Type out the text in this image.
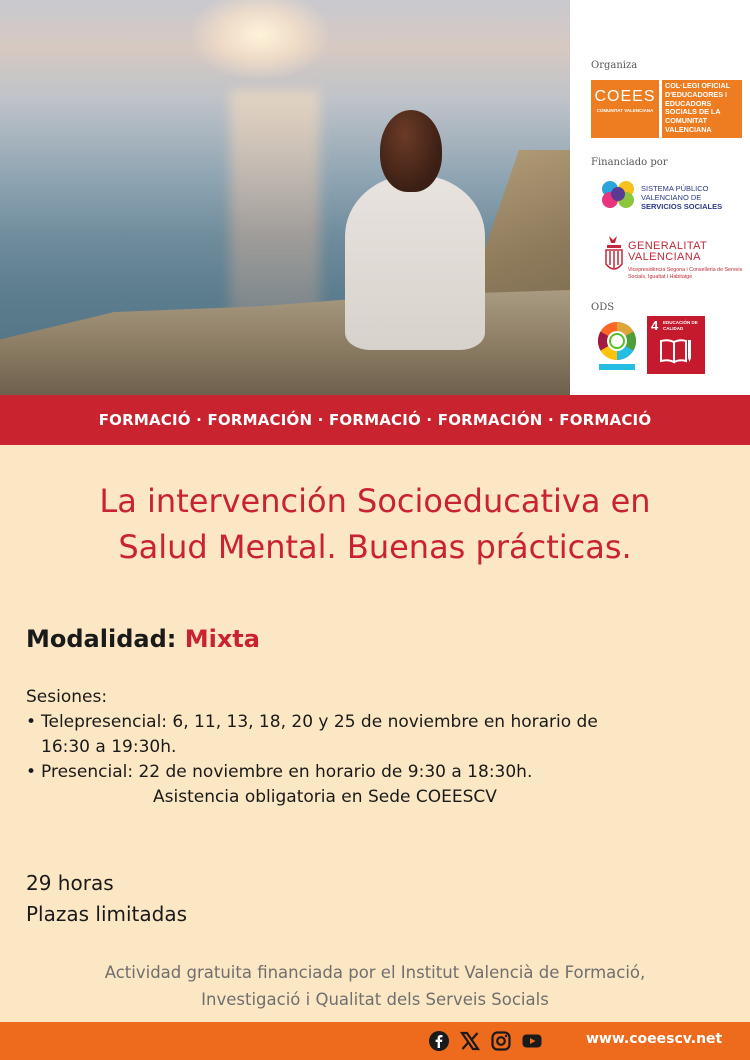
Organiza
COEES
COMUNITAT VALENCIANA
COL·LEGI OFICIAL D'EDUCADORES I EDUCADORS SOCIALS DE LA COMUNITAT VALENCIANA
Financiado por
SISTEMA PÚBLICO
VALENCIANO DE
SERVICIOS SOCIALES
GENERALITAT
VALENCIANA
Vicepresidència Segona i Conselleria de Serveis Socials, Igualtat i Habitatge
ODS
4 EDUCACIÓN DE CALIDAD
FORMACIÓ · FORMACIÓN · FORMACIÓ · FORMACIÓN · FORMACIÓ
La intervención Socioeducativa en
Salud Mental. Buenas prácticas.
Modalidad: Mixta
Sesiones:
• Telepresencial: 6, 11, 13, 18, 20 y 25 de noviembre en horario de
16:30 a 19:30h.
• Presencial: 22 de noviembre en horario de 9:30 a 18:30h.
Asistencia obligatoria en Sede COEESCV
29 horas
Plazas limitadas
Actividad gratuita financiada por el Institut Valencià de Formació,
Investigació i Qualitat dels Serveis Socials
www.coeescv.net
